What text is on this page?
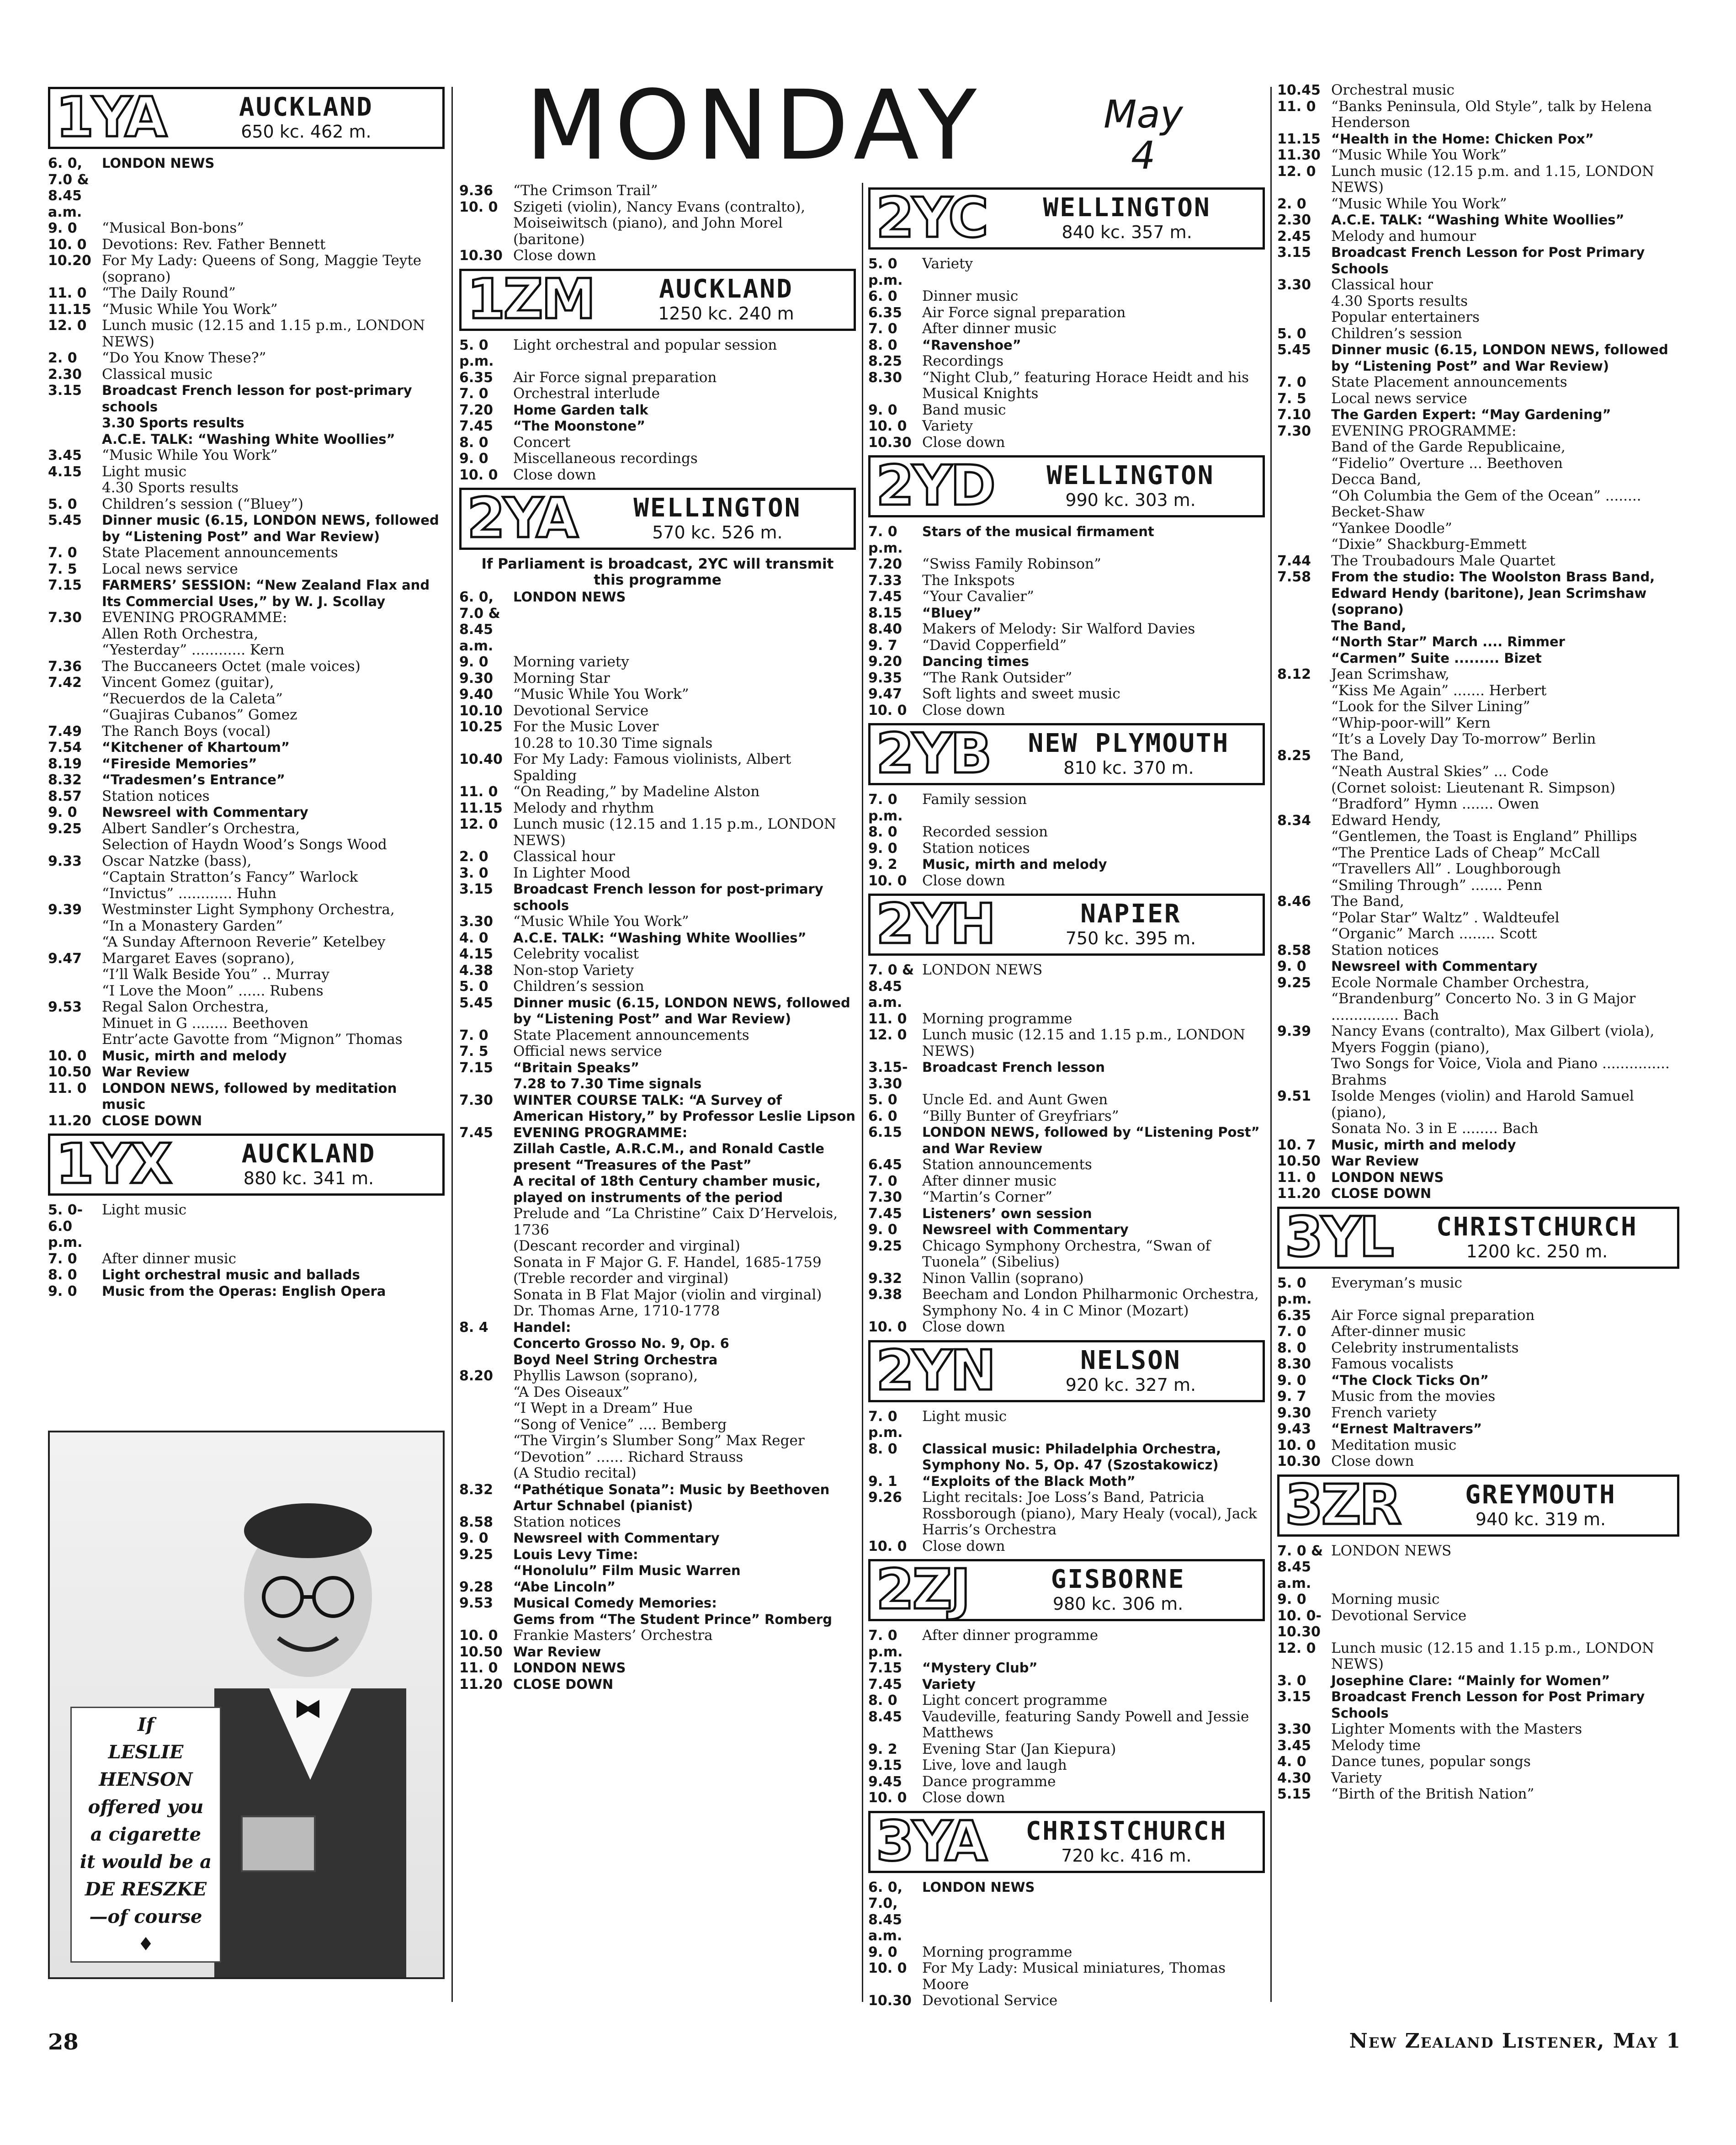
MONDAY	May
4
1YA	AUCKLAND
650 kc. 462 m.
6. 0, 7.0 & 8.45 a.m.
LONDON NEWS
9. 0	“Musical Bon-bons”
10. 0	Devotions: Rev. Father Bennett
10.20 For My Lady: Queens of Song, Maggie Teyte (soprano)
11. 0	“The Daily Round”
11.15 “Music While You Work”
12. 0	Lunch music (12.15 and 1.15 p.m., LONDON NEWS)
2. 0	“Do You Know These?”
2.30	Classical music
3.15	Broadcast French lesson for post-primary schools
3.30 Sports results
A.C.E. TALK: “Washing White Woollies”
3.45	“Music While You Work”
4.15	Light music
4.30 Sports results
5. 0	Children’s session (“Bluey”)
5.45	Dinner music (6.15, LONDON NEWS, followed by “Listening Post” and War Review)
7. 0	State Placement announcements
7. 5	Local news service
7.15	FARMERS’ SESSION: “New Zealand Flax and Its Commercial Uses,” by W. J. Scollay
7.30	EVENING PROGRAMME:
Allen Roth Orchestra,
“Yesterday” ............ Kern
7.36	The Buccaneers Octet (male voices)
7.42	Vincent Gomez (guitar),
“Recuerdos de la Caleta”
“Guajiras Cubanos” Gomez
7.49	The Ranch Boys (vocal)
7.54	“Kitchener of Khartoum”
8.19	“Fireside Memories”
8.32	“Tradesmen’s Entrance”
8.57	Station notices
9. 0	Newsreel with Commentary
9.25	Albert Sandler’s Orchestra,
Selection of Haydn Wood’s Songs Wood
9.33	Oscar Natzke (bass),
“Captain Stratton’s Fancy” Warlock
“Invictus” ............ Huhn
9.39	Westminster Light Symphony Orchestra,
“In a Monastery Garden”
“A Sunday Afternoon Reverie” Ketelbey
9.47	Margaret Eaves (soprano),
“I’ll Walk Beside You” .. Murray
“I Love the Moon” ...... Rubens
9.53	Regal Salon Orchestra,
Minuet in G ........ Beethoven
Entr’acte Gavotte from “Mignon” Thomas
10. 0	Music, mirth and melody
10.50 War Review
11. 0	LONDON NEWS, followed by meditation music
11.20 CLOSE DOWN
1YX	AUCKLAND
880 kc. 341 m.
5. 0-6.0 p.m.
Light music
7. 0	After dinner music
8. 0	Light orchestral music and ballads
9. 0	Music from the Operas: English Opera
9.36	“The Crimson Trail”
10. 0	Szigeti (violin), Nancy Evans (contralto), Moiseiwitsch (piano), and John Morel (baritone)
10.30 Close down
1ZM	AUCKLAND
1250 kc. 240 m
5. 0 p.m.
Light orchestral and popular session
6.35	Air Force signal preparation
7. 0	Orchestral interlude
7.20	Home Garden talk
7.45	“The Moonstone”
8. 0	Concert
9. 0	Miscellaneous recordings
10. 0	Close down
2YA WELLINGTON
570 kc. 526 m.
If Parliament is broadcast, 2YC will transmit this programme
6. 0, 7.0 & 8.45 a.m.
LONDON NEWS
9. 0	Morning variety
9.30	Morning Star
9.40	“Music While You Work”
10.10 Devotional Service
10.25 For the Music Lover
10.28 to 10.30 Time signals
10.40 For My Lady: Famous violinists, Albert Spalding
11. 0	“On Reading,” by Madeline Alston
11.15 Melody and rhythm
12. 0	Lunch music (12.15 and 1.15 p.m., LONDON NEWS)
2. 0	Classical hour
3. 0	In Lighter Mood
3.15	Broadcast French lesson for post-primary schools
3.30	“Music While You Work”
4. 0	A.C.E. TALK: “Washing White Woollies”
4.15	Celebrity vocalist
4.38	Non-stop Variety
5. 0	Children’s session
5.45	Dinner music (6.15, LONDON NEWS, followed by “Listening Post” and War Review)
7. 0	State Placement announcements
7. 5	Official news service
7.15	“Britain Speaks”
7.28 to 7.30 Time signals
7.30	WINTER COURSE TALK: “A Survey of American History,” by Professor Leslie Lipson
7.45	EVENING PROGRAMME:
Zillah Castle, A.R.C.M., and Ronald Castle present “Treasures of the Past”
A recital of 18th Century chamber music, played on instruments of the period
Prelude and “La Christine” Caix D’Hervelois, 1736
(Descant recorder and virginal)
Sonata in F Major G. F. Handel, 1685-1759
(Treble recorder and virginal)
Sonata in B Flat Major (violin and virginal)
Dr. Thomas Arne, 1710-1778
8. 4	Handel:
Concerto Grosso No. 9, Op. 6
Boyd Neel String Orchestra
8.20	Phyllis Lawson (soprano),
“A Des Oiseaux”
“I Wept in a Dream” Hue
“Song of Venice” .... Bemberg
“The Virgin’s Slumber Song” Max Reger
“Devotion” ...... Richard Strauss
(A Studio recital)
8.32	“Pathétique Sonata”: Music by Beethoven
Artur Schnabel (pianist)
8.58	Station notices
9. 0	Newsreel with Commentary
9.25	Louis Levy Time:
“Honolulu” Film Music Warren
9.28	“Abe Lincoln”
9.53	Musical Comedy Memories:
Gems from “The Student Prince” Romberg
10. 0	Frankie Masters’ Orchestra
10.50 War Review
11. 0	LONDON NEWS
11.20 CLOSE DOWN
2YC WELLINGTON
840 kc. 357 m.
5. 0 p.m.
Variety
6. 0	Dinner music
6.35	Air Force signal preparation
7. 0	After dinner music
8. 0	“Ravenshoe”
8.25	Recordings
8.30	“Night Club,” featuring Horace Heidt and his Musical Knights
9. 0	Band music
10. 0	Variety
10.30 Close down
2YD WELLINGTON
990 kc. 303 m.
7. 0 p.m.
Stars of the musical firmament
7.20	“Swiss Family Robinson”
7.33	The Inkspots
7.45	“Your Cavalier”
8.15	“Bluey”
8.40	Makers of Melody: Sir Walford Davies
9. 7	“David Copperfield”
9.20	Dancing times
9.35	“The Rank Outsider”
9.47	Soft lights and sweet music
10. 0	Close down
2YB NEW PLYMOUTH
810 kc. 370 m.
7. 0 p.m.
Family session
8. 0	Recorded session
9. 0	Station notices
9. 2	Music, mirth and melody
10. 0	Close down
2YH	NAPIER
750 kc. 395 m.
7. 0 & 8.45 a.m.
LONDON NEWS
11. 0	Morning programme
12. 0	Lunch music (12.15 and 1.15 p.m., LONDON NEWS)
3.15-3.30
Broadcast French lesson
5. 0	Uncle Ed. and Aunt Gwen
6. 0	“Billy Bunter of Greyfriars”
6.15	LONDON NEWS, followed by “Listening Post” and War Review
6.45	Station announcements
7. 0	After dinner music
7.30	“Martin’s Corner”
7.45	Listeners’ own session
9. 0	Newsreel with Commentary
9.25	Chicago Symphony Orchestra, “Swan of Tuonela” (Sibelius)
9.32	Ninon Vallin (soprano)
9.38	Beecham and London Philharmonic Orchestra, Symphony No. 4 in C Minor (Mozart)
10. 0	Close down
2YN	NELSON
920 kc. 327 m.
7. 0 p.m.
Light music
8. 0	Classical music: Philadelphia Orchestra, Symphony No. 5, Op. 47 (Szostakowicz)
9. 1	“Exploits of the Black Moth”
9.26	Light recitals: Joe Loss’s Band, Patricia Rossborough (piano), Mary Healy (vocal), Jack Harris’s Orchestra
10. 0	Close down
2ZJ	GISBORNE
980 kc. 306 m.
7. 0 p.m.
After dinner programme
7.15	“Mystery Club”
7.45	Variety
8. 0	Light concert programme
8.45	Vaudeville, featuring Sandy Powell and Jessie Matthews
9. 2	Evening Star (Jan Kiepura)
9.15	Live, love and laugh
9.45	Dance programme
10. 0	Close down
3YA CHRISTCHURCH
720 kc. 416 m.
6. 0, 7.0, 8.45 a.m.
LONDON NEWS
9. 0	Morning programme
10. 0	For My Lady: Musical miniatures, Thomas Moore
10.30 Devotional Service
10.45 Orchestral music
11. 0	“Banks Peninsula, Old Style”, talk by Helena Henderson
11.15 “Health in the Home: Chicken Pox”
11.30 “Music While You Work”
12. 0	Lunch music (12.15 p.m. and 1.15, LONDON NEWS)
2. 0	“Music While You Work”
2.30	A.C.E. TALK: “Washing White Woollies”
2.45	Melody and humour
3.15	Broadcast French Lesson for Post Primary Schools
3.30	Classical hour
4.30 Sports results
Popular entertainers
5. 0	Children’s session
5.45	Dinner music (6.15, LONDON NEWS, followed by “Listening Post” and War Review)
7. 0	State Placement announcements
7. 5	Local news service
7.10	The Garden Expert: “May Gardening”
7.30	EVENING PROGRAMME:
Band of the Garde Republicaine,
“Fidelio” Overture ... Beethoven
Decca Band,
“Oh Columbia the Gem of the Ocean” ........ Becket-Shaw
“Yankee Doodle”
“Dixie” Shackburg-Emmett
7.44	The Troubadours Male Quartet
7.58	From the studio: The Woolston Brass Band, Edward Hendy (baritone), Jean Scrimshaw (soprano)
The Band,
“North Star” March .... Rimmer
“Carmen” Suite ......... Bizet
8.12	Jean Scrimshaw,
“Kiss Me Again” ....... Herbert
“Look for the Silver Lining”
“Whip-poor-will” Kern
“It’s a Lovely Day To-morrow” Berlin
8.25	The Band,
“Neath Austral Skies” ... Code
(Cornet soloist: Lieutenant R. Simpson)
“Bradford” Hymn ....... Owen
8.34	Edward Hendy,
“Gentlemen, the Toast is England” Phillips
“The Prentice Lads of Cheap” McCall
“Travellers All” . Loughborough
“Smiling Through” ....... Penn
8.46	The Band,
“Polar Star” Waltz” . Waldteufel
“Organic” March ........ Scott
8.58	Station notices
9. 0	Newsreel with Commentary
9.25	Ecole Normale Chamber Orchestra, “Brandenburg” Concerto No. 3 in G Major ............... Bach
9.39	Nancy Evans (contralto), Max Gilbert (viola), Myers Foggin (piano),
Two Songs for Voice, Viola and Piano ............... Brahms
9.51	Isolde Menges (violin) and Harold Samuel (piano),
Sonata No. 3 in E ........ Bach
10. 7	Music, mirth and melody
10.50 War Review
11. 0	LONDON NEWS
11.20 CLOSE DOWN
3YL CHRISTCHURCH
1200 kc. 250 m.
5. 0 p.m.
Everyman’s music
6.35	Air Force signal preparation
7. 0	After-dinner music
8. 0	Celebrity instrumentalists
8.30	Famous vocalists
9. 0	“The Clock Ticks On”
9. 7	Music from the movies
9.30	French variety
9.43	“Ernest Maltravers”
10. 0	Meditation music
10.30 Close down
3ZR	GREYMOUTH
940 kc. 319 m.
7. 0 & 8.45 a.m.
LONDON NEWS
9. 0	Morning music
10. 0-10.30
Devotional Service
12. 0	Lunch music (12.15 and 1.15 p.m., LONDON NEWS)
3. 0	Josephine Clare: “Mainly for Women”
3.15	Broadcast French Lesson for Post Primary Schools
3.30	Lighter Moments with the Masters
3.45	Melody time
4. 0	Dance tunes, popular songs
4.30	Variety
5.15	“Birth of the British Nation”
If
LESLIE
HENSON
offered you
a cigarette
it would be a
DE RESZKE
—of course
♦
28	New Zealand Listener, May 1
